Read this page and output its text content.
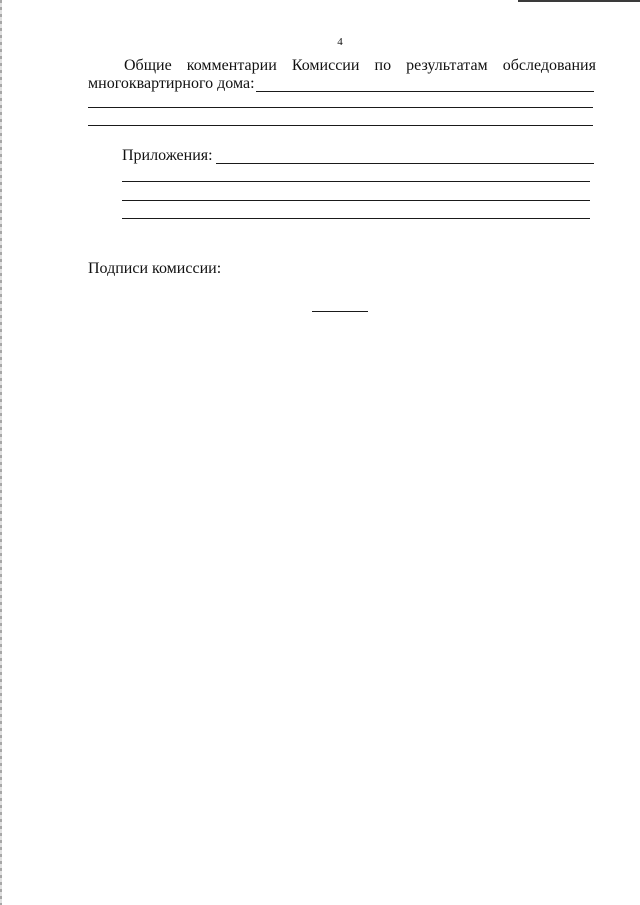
4
Общие комментарии Комиссии по результатам обследования
многоквартирного дома:
Приложения:
Подписи комиссии:
